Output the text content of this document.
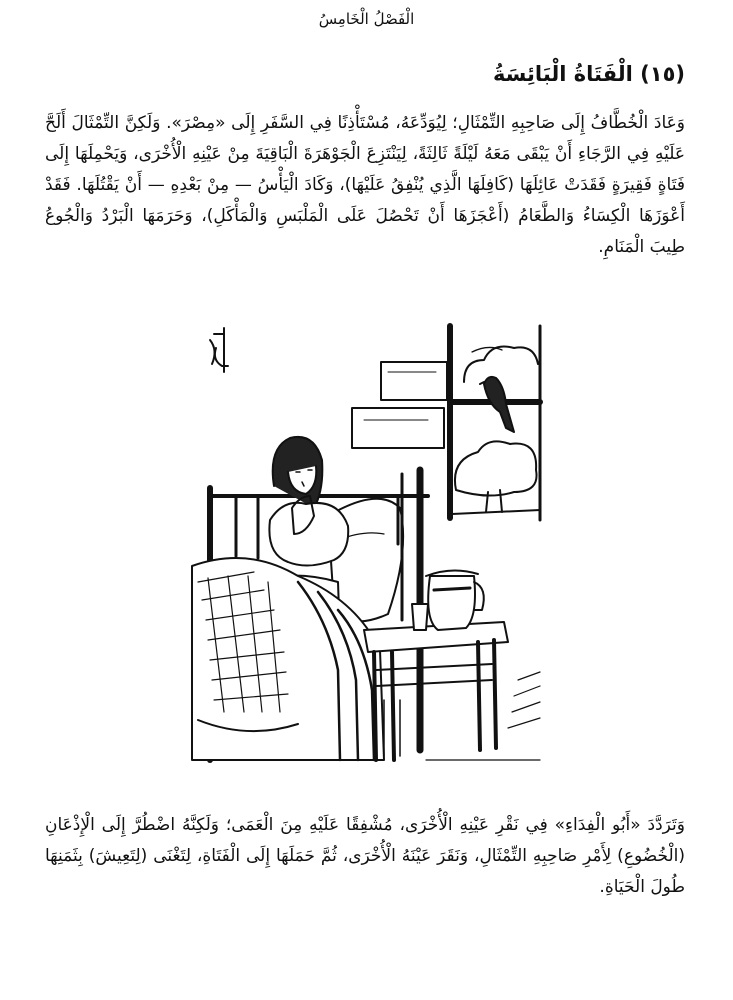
الْفَصْلُ الْخَامِسُ
(١٥) الْفَتَاةُ الْبَائِسَةُ

وَعَادَ الْخُطَّافُ إِلَى صَاحِبِهِ التِّمْثَالِ؛ لِيُوَدِّعَهُ، مُسْتَأْذِنًا فِي السَّفَرِ إِلَى «مِصْرَ». وَلَكِنَّ التِّمْثَالَ أَلَحَّ عَلَيْهِ فِي الرَّجَاءِ أَنْ يَبْقَى مَعَهُ لَيْلَةً ثَالِثَةً، لِيَنْتَزِعَ الْجَوْهَرَةَ الْبَاقِيَةَ مِنْ عَيْنِهِ الْأُخْرَى، وَيَحْمِلَهَا إِلَى فَتَاةٍ فَقِيرَةٍ فَقَدَتْ عَائِلَهَا (كَافِلَهَا الَّذِي يُنْفِقُ عَلَيْهَا)، وَكَادَ الْيَأْسُ — مِنْ بَعْدِهِ — أَنْ يَقْتُلَهَا. فَقَدْ أَعْوَزَهَا الْكِسَاءُ وَالطَّعَامُ (أَعْجَزَهَا أَنْ تَحْصُلَ عَلَى الْمَلْبَسِ وَالْمَأْكَلِ)، وَحَرَمَهَا الْبَرْدُ وَالْجُوعُ طِيبَ الْمَنَامِ.

وَتَرَدَّدَ «أَبُو الْفِدَاءِ» فِي نَقْرِ عَيْنِهِ الْأُخْرَى، مُشْفِقًا عَلَيْهِ مِنَ الْعَمَى؛ وَلَكِنَّهُ اضْطُرَّ إِلَى الْإِذْعَانِ (الْخُضُوعِ) لِأَمْرِ صَاحِبِهِ التِّمْثَالِ، وَنَقَرَ عَيْنَهُ الْأُخْرَى، ثُمَّ حَمَلَهَا إِلَى الْفَتَاةِ، لِتَغْنَى (لِتَعِيشَ) بِثَمَنِهَا طُولَ الْحَيَاةِ.
